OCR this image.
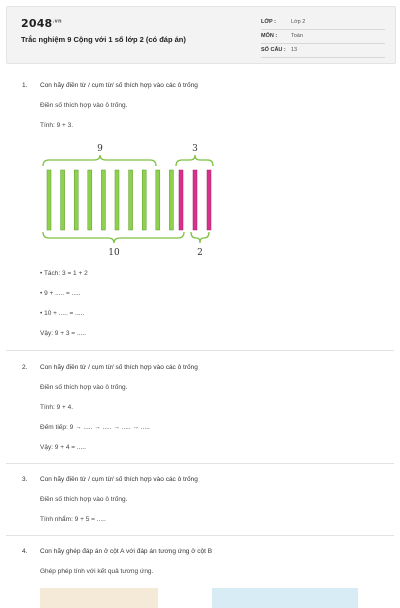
$2048^{.vn}$
Trắc nghiệm 9 Cộng với 1 số lớp 2 (có đáp án)
LỚP :	Lớp 2
MÔN :	Toán
SỐ CÂU : 13
1. Con hãy điền từ / cụm từ/ số thích hợp vào các ô trống
Điền số thích hợp vào ô trống.
Tính: 9 + 3.
9	3
10	2
• Tách: 3 = 1 + 2
• 9 + ..... = .....
• 10 + ..... = .....
Vậy: 9 + 3 = .....
2. Con hãy điền từ / cụm từ/ số thích hợp vào các ô trống
Điền số thích hợp vào ô trống.
Tính: 9 + 4.
Đếm tiếp: 9 → ..... → ..... → ..... → .....
Vậy: 9 + 4 = .....
3. Con hãy điền từ / cụm từ/ số thích hợp vào các ô trống
Điền số thích hợp vào ô trống.
Tính nhẩm: 9 + 5 = .....
4. Con hãy ghép đáp án ở cột A với đáp án tương ứng ở cột B
Ghép phép tính với kết quả tương ứng.
